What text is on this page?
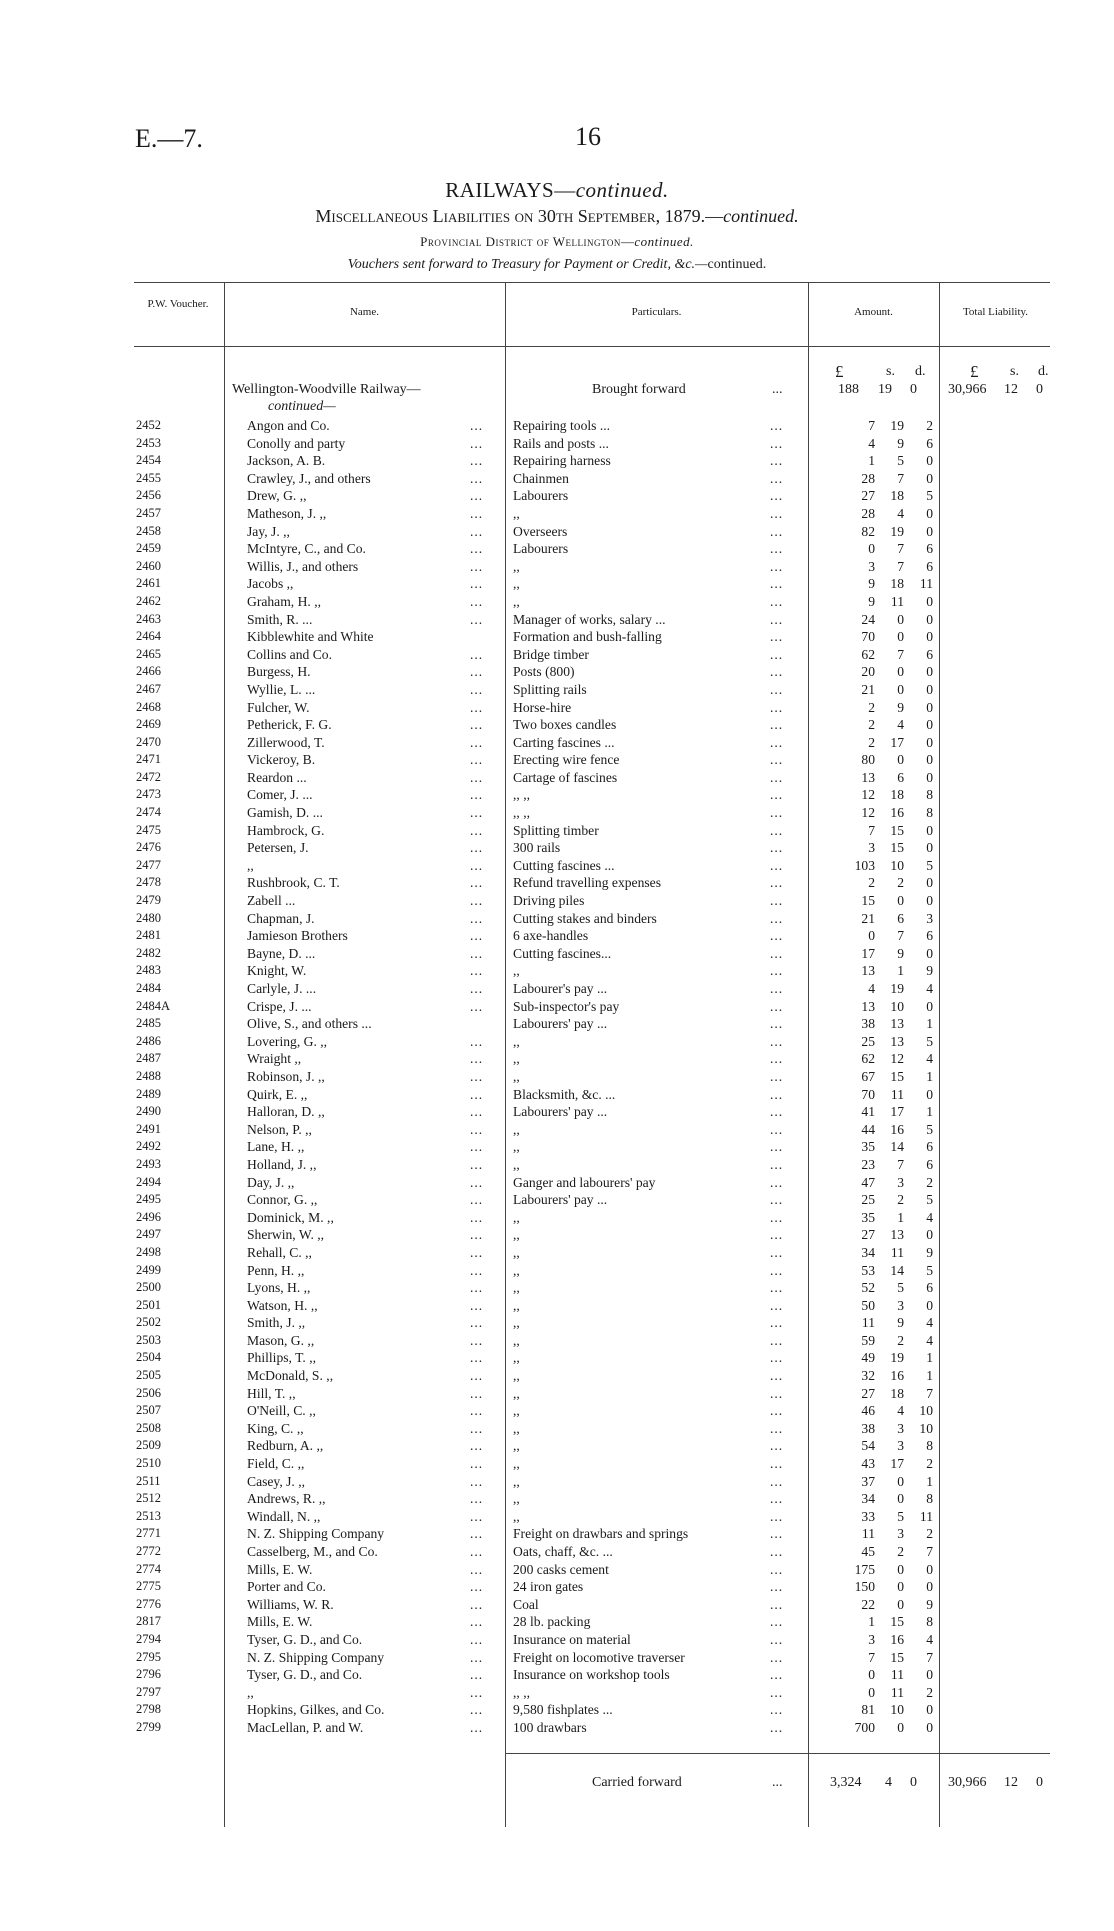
E.—7.	16
RAILWAYS—continued.
Miscellaneous Liabilities on 30th September, 1879.—continued.
Provincial District of Wellington—continued.
Vouchers sent forward to Treasury for Payment or Credit, &c.—continued.
P.W. Voucher.
Name.	Particulars.	Amount.	Total Liability.
£	s. d.	£ s. d.
Wellington-Woodville Railway—
continued—
Brought forward	...	188 19 0 30,966 12 0
2452	Angon and Co.	...	Repairing tools ...	...	7	19	2
2453	Conolly and party	...	Rails and posts ...	...	4	9	6
2454	Jackson, A. B.	...	Repairing harness	...	1	5	0
2455	Crawley, J., and others	...	Chainmen	...	28	7	0
2456	Drew, G. ,,	...	Labourers	...	27	18	5
2457	Matheson, J. ,,	...	,,	...	28	4	0
2458	Jay, J. ,,	...	Overseers	...	82	19	0
2459	McIntyre, C., and Co.	...	Labourers	...	0	7	6
2460	Willis, J., and others	...	,,	...	3	7	6
2461	Jacobs ,,	...	,,	...	9	18	11
2462	Graham, H. ,,	...	,,	...	9	11	0
2463	Smith, R. ...	...	Manager of works, salary ...	...	24	0	0
2464	Kibblewhite and White	Formation and bush-falling	...	70	0	0
2465	Collins and Co.	...	Bridge timber	...	62	7	6
2466	Burgess, H.	...	Posts (800)	...	20	0	0
2467	Wyllie, L. ...	...	Splitting rails	...	21	0	0
2468	Fulcher, W.	...	Horse-hire	...	2	9	0
2469	Petherick, F. G.	...	Two boxes candles	...	2	4	0
2470	Zillerwood, T.	...	Carting fascines ...	...	2	17	0
2471	Vickeroy, B.	...	Erecting wire fence	...	80	0	0
2472	Reardon ...	...	Cartage of fascines	...	13	6	0
2473	Comer, J. ...	...	,, ,,	...	12	18	8
2474	Gamish, D. ...	...	,, ,,	...	12	16	8
2475	Hambrock, G.	...	Splitting timber	...	7	15	0
2476	Petersen, J.	...	300 rails	...	3	15	0
2477	,,	...	Cutting fascines ...	...	103	10	5
2478	Rushbrook, C. T.	...	Refund travelling expenses	...	2	2	0
2479	Zabell ...	...	Driving piles	...	15	0	0
2480	Chapman, J.	...	Cutting stakes and binders	...	21	6	3
2481	Jamieson Brothers	...	6 axe-handles	...	0	7	6
2482	Bayne, D. ...	...	Cutting fascines...	...	17	9	0
2483	Knight, W.	...	,,	...	13	1	9
2484	Carlyle, J. ...	...	Labourer's pay ...	...	4	19	4
2484A	Crispe, J. ...	...	Sub-inspector's pay	...	13	10	0
2485	Olive, S., and others ...	Labourers' pay ...	...	38	13	1
2486	Lovering, G. ,,	...	,,	...	25	13	5
2487	Wraight ,,	...	,,	...	62	12	4
2488	Robinson, J. ,,	...	,,	...	67	15	1
2489	Quirk, E. ,,	...	Blacksmith, &c. ...	...	70	11	0
2490	Halloran, D. ,,	...	Labourers' pay ...	...	41	17	1
2491	Nelson, P. ,,	...	,,	...	44	16	5
2492	Lane, H. ,,	...	,,	...	35	14	6
2493	Holland, J. ,,	...	,,	...	23	7	6
2494	Day, J. ,,	...	Ganger and labourers' pay	...	47	3	2
2495	Connor, G. ,,	...	Labourers' pay ...	...	25	2	5
2496	Dominick, M. ,,	...	,,	...	35	1	4
2497	Sherwin, W. ,,	...	,,	...	27	13	0
2498	Rehall, C. ,,	...	,,	...	34	11	9
2499	Penn, H. ,,	...	,,	...	53	14	5
2500	Lyons, H. ,,	...	,,	...	52	5	6
2501	Watson, H. ,,	...	,,	...	50	3	0
2502	Smith, J. ,,	...	,,	...	11	9	4
2503	Mason, G. ,,	...	,,	...	59	2	4
2504	Phillips, T. ,,	...	,,	...	49	19	1
2505	McDonald, S. ,,	...	,,	...	32	16	1
2506	Hill, T. ,,	...	,,	...	27	18	7
2507	O'Neill, C. ,,	...	,,	...	46	4	10
2508	King, C. ,,	...	,,	...	38	3	10
2509	Redburn, A. ,,	...	,,	...	54	3	8
2510	Field, C. ,,	...	,,	...	43	17	2
2511	Casey, J. ,,	...	,,	...	37	0	1
2512	Andrews, R. ,,	...	,,	...	34	0	8
2513	Windall, N. ,,	...	,,	...	33	5	11
2771	N. Z. Shipping Company	...	Freight on drawbars and springs	...	11	3	2
2772	Casselberg, M., and Co.	...	Oats, chaff, &c. ...	...	45	2	7
2774	Mills, E. W.	...	200 casks cement	...	175	0	0
2775	Porter and Co.	...	24 iron gates	...	150	0	0
2776	Williams, W. R.	...	Coal	...	22	0	9
2817	Mills, E. W.	...	28 lb. packing	...	1	15	8
2794	Tyser, G. D., and Co.	...	Insurance on material	...	3	16	4
2795	N. Z. Shipping Company	...	Freight on locomotive traverser	...	7	15	7
2796	Tyser, G. D., and Co.	...	Insurance on workshop tools	...	0	11	0
2797	,,	...	,, ,,	...	0	11	2
2798	Hopkins, Gilkes, and Co.	...	9,580 fishplates ...	...	81	10	0
2799	MacLellan, P. and W.	...	100 drawbars	...	700	0	0
Carried forward	...	3,324 4 0 30,966 12 0
